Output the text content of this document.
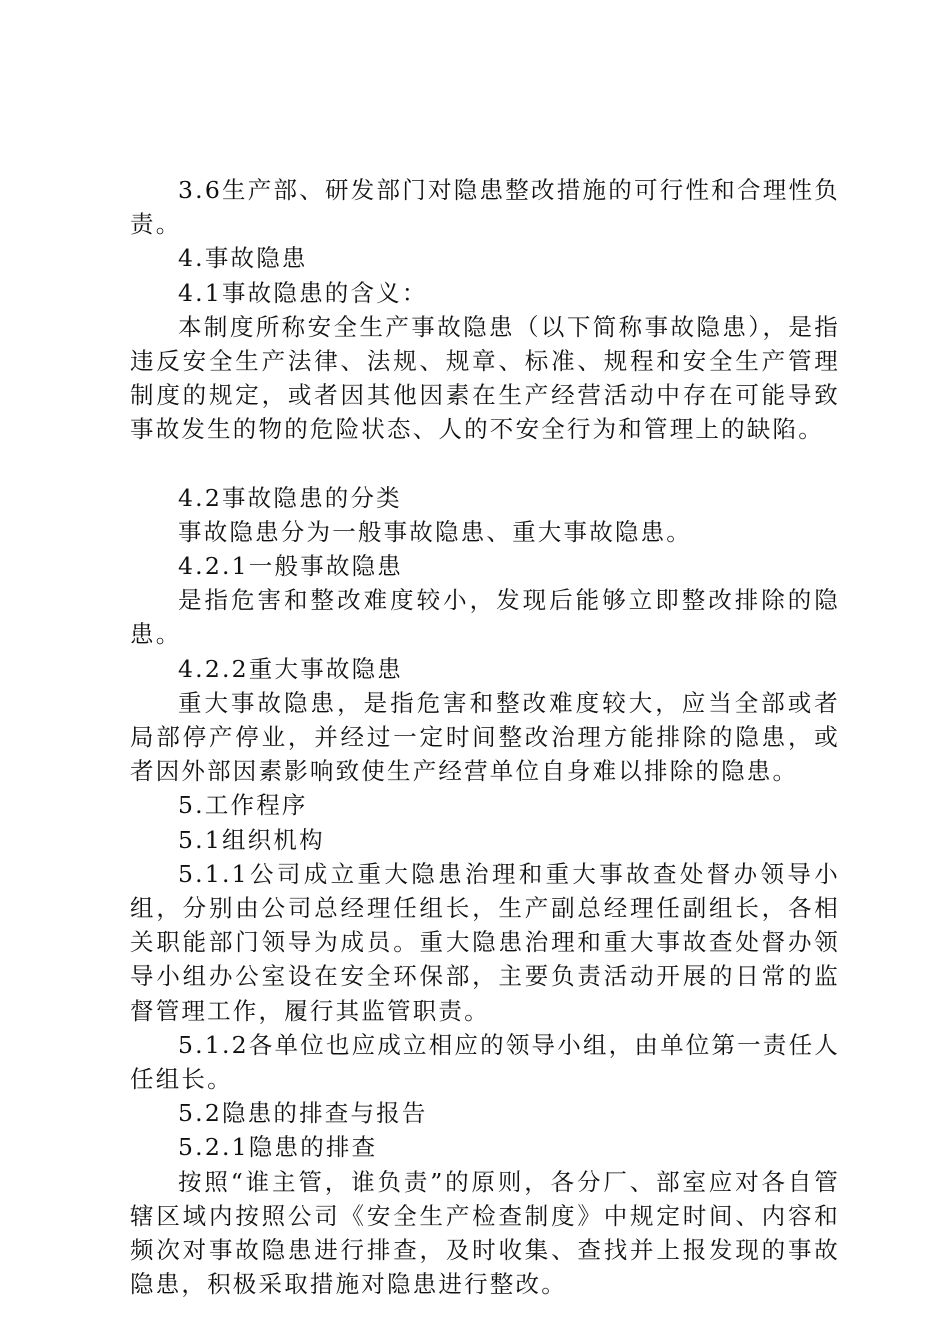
3.6生产部、研发部门对隐患整改措施的可行性和合理性负责。

4.事故隐患

4.1事故隐患的含义：

本制度所称安全生产事故隐患（以下简称事故隐患），是指违反安全生产法律、法规、规章、标准、规程和安全生产管理制度的规定，或者因其他因素在生产经营活动中存在可能导致事故发生的物的危险状态、人的不安全行为和管理上的缺陷。

4.2事故隐患的分类

事故隐患分为一般事故隐患、重大事故隐患。

4.2.1一般事故隐患

是指危害和整改难度较小，发现后能够立即整改排除的隐患。

4.2.2重大事故隐患

重大事故隐患，是指危害和整改难度较大，应当全部或者局部停产停业，并经过一定时间整改治理方能排除的隐患，或者因外部因素影响致使生产经营单位自身难以排除的隐患。

5.工作程序

5.1组织机构

5.1.1公司成立重大隐患治理和重大事故查处督办领导小组，分别由公司总经理任组长，生产副总经理任副组长，各相关职能部门领导为成员。重大隐患治理和重大事故查处督办领导小组办公室设在安全环保部，主要负责活动开展的日常的监督管理工作，履行其监管职责。

5.1.2各单位也应成立相应的领导小组，由单位第一责任人任组长。

5.2隐患的排查与报告

5.2.1隐患的排查

按照“谁主管，谁负责”的原则，各分厂、部室应对各自管辖区域内按照公司《安全生产检查制度》中规定时间、内容和频次对事故隐患进行排查，及时收集、查找并上报发现的事故隐患，积极采取措施对隐患进行整改。
